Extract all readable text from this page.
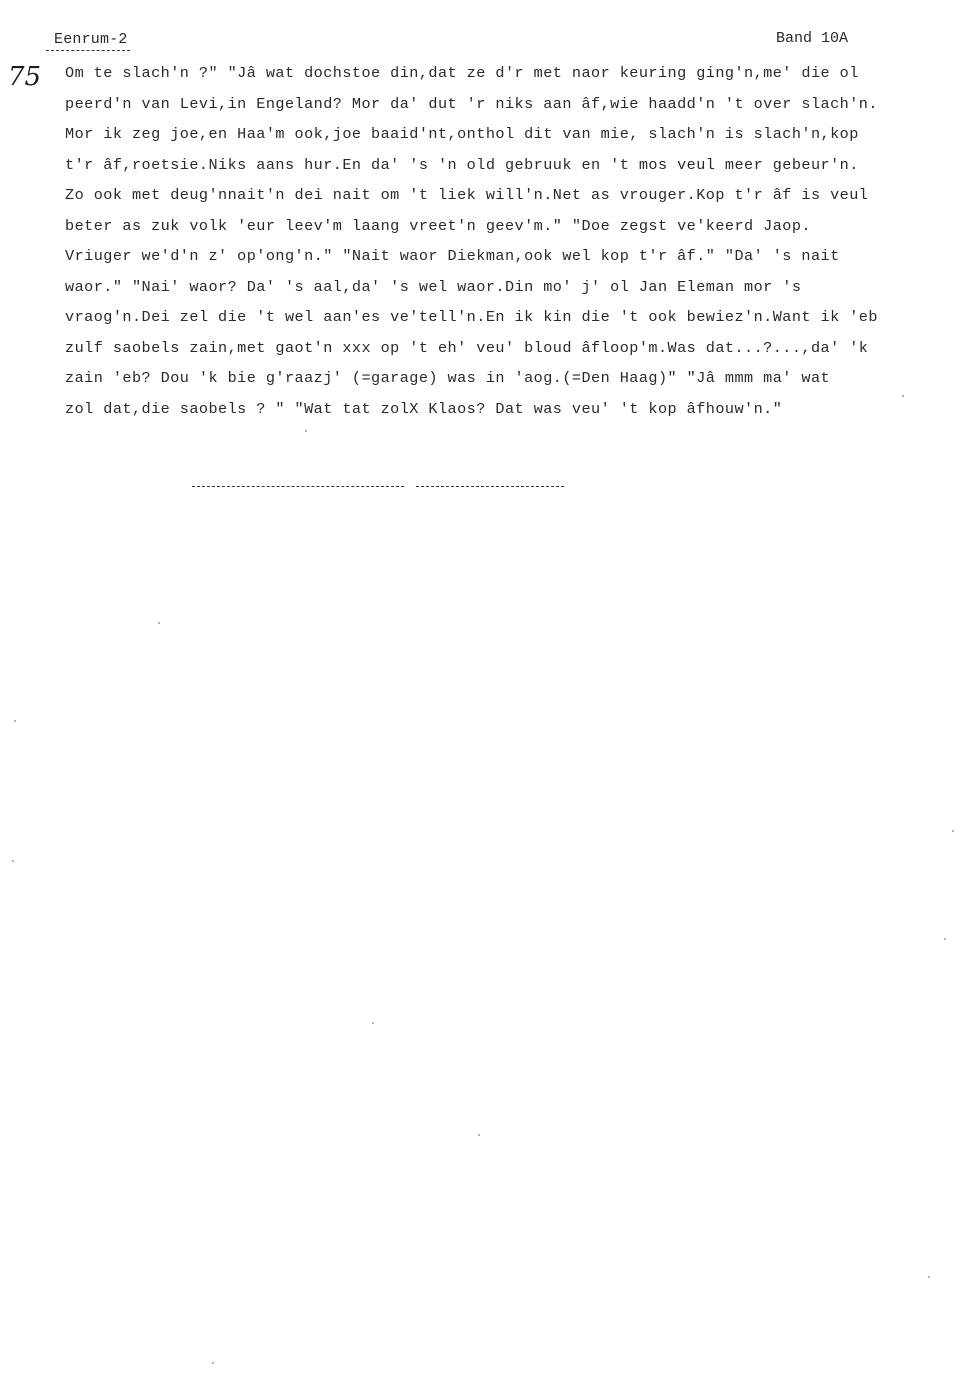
Eenrum-2	Band 10A
75 Om te slach'n ?" "Jâ wat dochstoe din,dat ze d'r met naor keuring ging'n,me' die ol
peerd'n van Levi,in Engeland? Mor da' dut 'r niks aan âf,wie haadd'n 't over slach'n.
Mor ik zeg joe,en Haa'm ook,joe baaid'nt,onthol dit van mie, slach'n is slach'n,kop
t'r âf,roetsie.Niks aans hur.En da' 's 'n old gebruuk en 't mos veul meer gebeur'n.
Zo ook met deug'nnait'n dei nait om 't liek will'n.Net as vrouger.Kop t'r âf is veul
beter as zuk volk 'eur leev'm laang vreet'n geev'm." "Doe zegst ve'keerd Jaop.
Vriuger we'd'n z' op'ong'n." "Nait waor Diekman,ook wel kop t'r âf." "Da' 's nait
waor." "Nai' waor? Da' 's aal,da' 's wel waor.Din mo' j' ol Jan Eleman mor 's
vraog'n.Dei zel die 't wel aan'es ve'tell'n.En ik kin die 't ook bewiez'n.Want ik 'eb
zulf saobels zain,met gaot'n xxx op 't eh' veu' bloud âfloop'm.Was dat...?...,da' 'k
zain 'eb? Dou 'k bie g'raazj' (=garage) was in 'aog.(=Den Haag)" "Jâ mmm ma' wat
zol dat,die saobels ? " "Wat tat zolX Klaos? Dat was veu' 't kop âfhouw'n."
